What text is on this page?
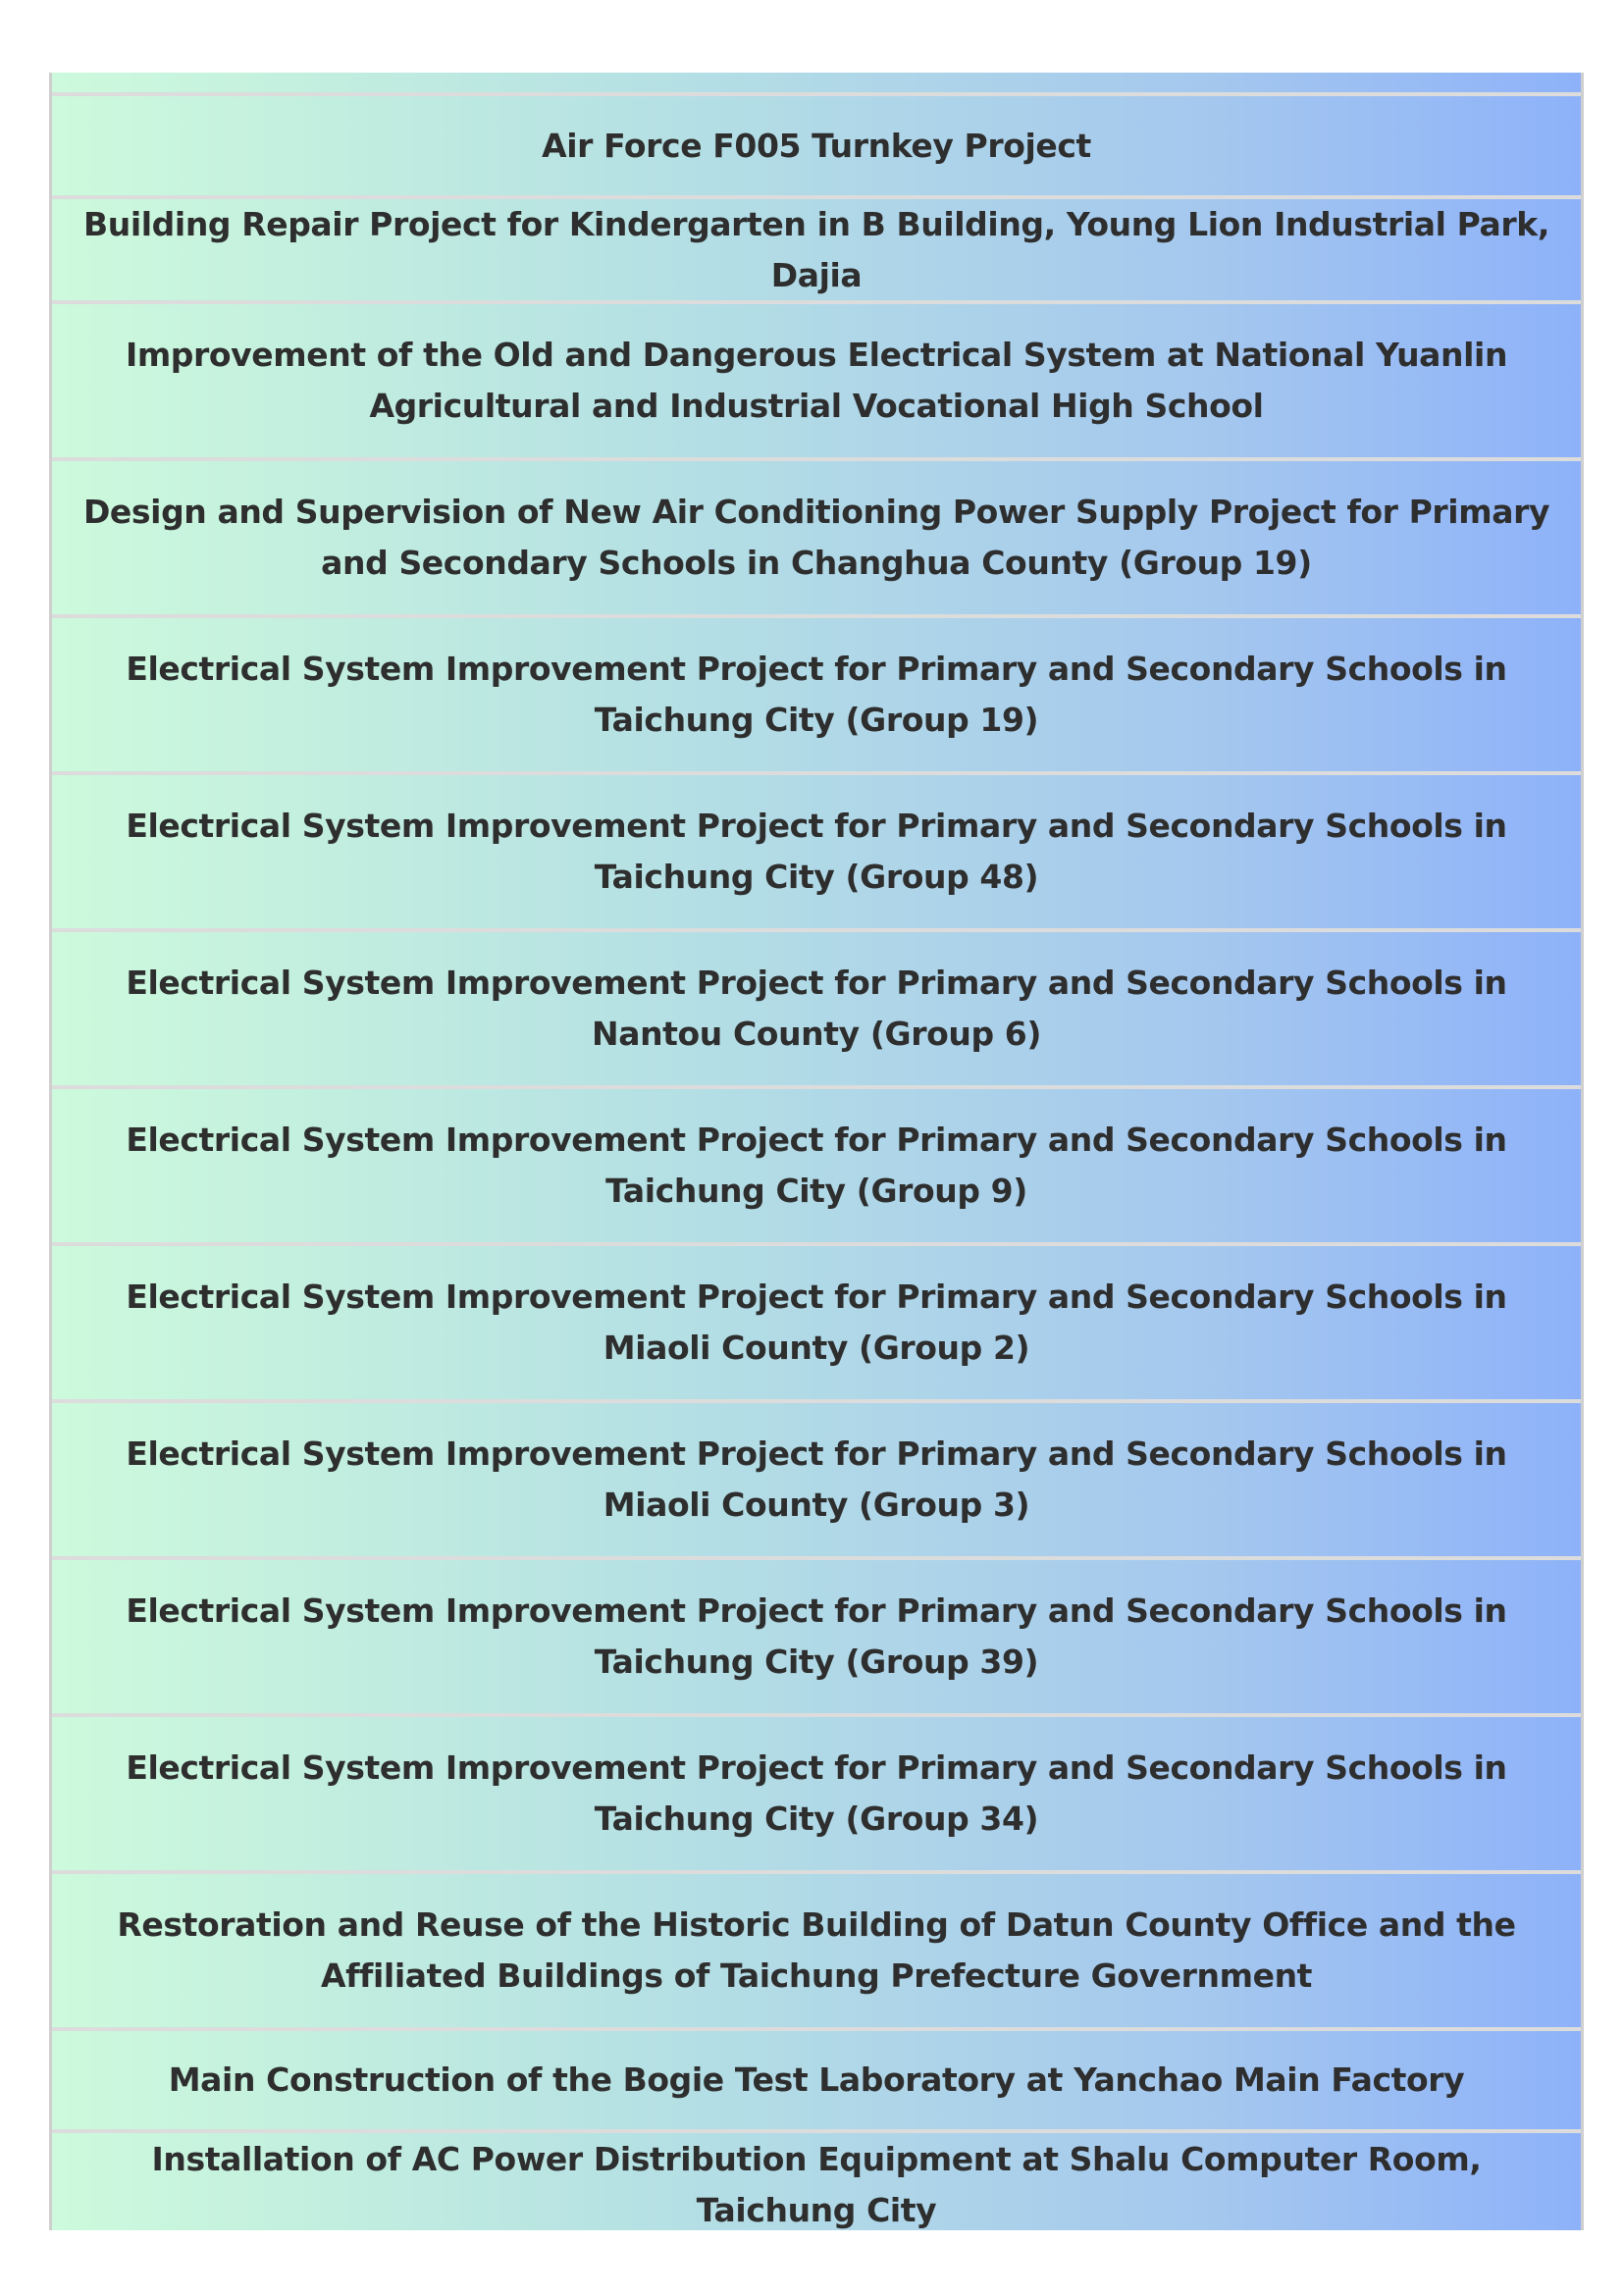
Air Force F005 Turnkey Project
Building Repair Project for Kindergarten in B Building, Young Lion Industrial Park, Dajia
Improvement of the Old and Dangerous Electrical System at National Yuanlin Agricultural and Industrial Vocational High School
Design and Supervision of New Air Conditioning Power Supply Project for Primary and Secondary Schools in Changhua County (Group 19)
Electrical System Improvement Project for Primary and Secondary Schools in Taichung City (Group 19)
Electrical System Improvement Project for Primary and Secondary Schools in Taichung City (Group 48)
Electrical System Improvement Project for Primary and Secondary Schools in Nantou County (Group 6)
Electrical System Improvement Project for Primary and Secondary Schools in Taichung City (Group 9)
Electrical System Improvement Project for Primary and Secondary Schools in Miaoli County (Group 2)
Electrical System Improvement Project for Primary and Secondary Schools in Miaoli County (Group 3)
Electrical System Improvement Project for Primary and Secondary Schools in Taichung City (Group 39)
Electrical System Improvement Project for Primary and Secondary Schools in Taichung City (Group 34)
Restoration and Reuse of the Historic Building of Datun County Office and the Affiliated Buildings of Taichung Prefecture Government
Main Construction of the Bogie Test Laboratory at Yanchao Main Factory
Installation of AC Power Distribution Equipment at Shalu Computer Room, Taichung City
